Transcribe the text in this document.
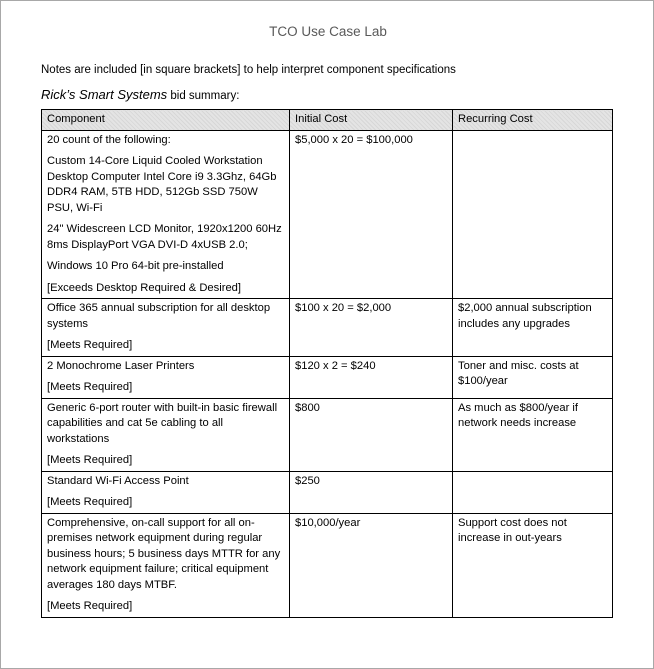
TCO Use Case Lab
Notes are included [in square brackets] to help interpret component specifications
Rick’s Smart Systems bid summary:
Component	Initial Cost	Recurring Cost

20 count of the following:

Custom 14-Core Liquid Cooled Workstation Desktop Computer Intel Core i9 3.3Ghz, 64Gb DDR4 RAM, 5TB HDD, 512Gb SSD 750W PSU, Wi-Fi

24" Widescreen LCD Monitor, 1920x1200 60Hz 8ms DisplayPort VGA DVI-D 4xUSB 2.0;

Windows 10 Pro 64-bit pre-installed

[Exceeds Desktop Required & Desired]	$5,000 x 20 = $100,000	

Office 365 annual subscription for all desktop systems

[Meets Required]	$100 x 20 = $2,000	$2,000 annual subscription includes any upgrades

2 Monochrome Laser Printers

[Meets Required]	$120 x 2 = $240	Toner and misc. costs at $100/year

Generic 6-port router with built-in basic firewall capabilities and cat 5e cabling to all workstations

[Meets Required]	$800	As much as $800/year if network needs increase

Standard Wi-Fi Access Point

[Meets Required]	$250	

Comprehensive, on-call support for all on-premises network equipment during regular business hours; 5 business days MTTR for any network equipment failure; critical equipment averages 180 days MTBF.

[Meets Required]	$10,000/year	Support cost does not increase in out-years
